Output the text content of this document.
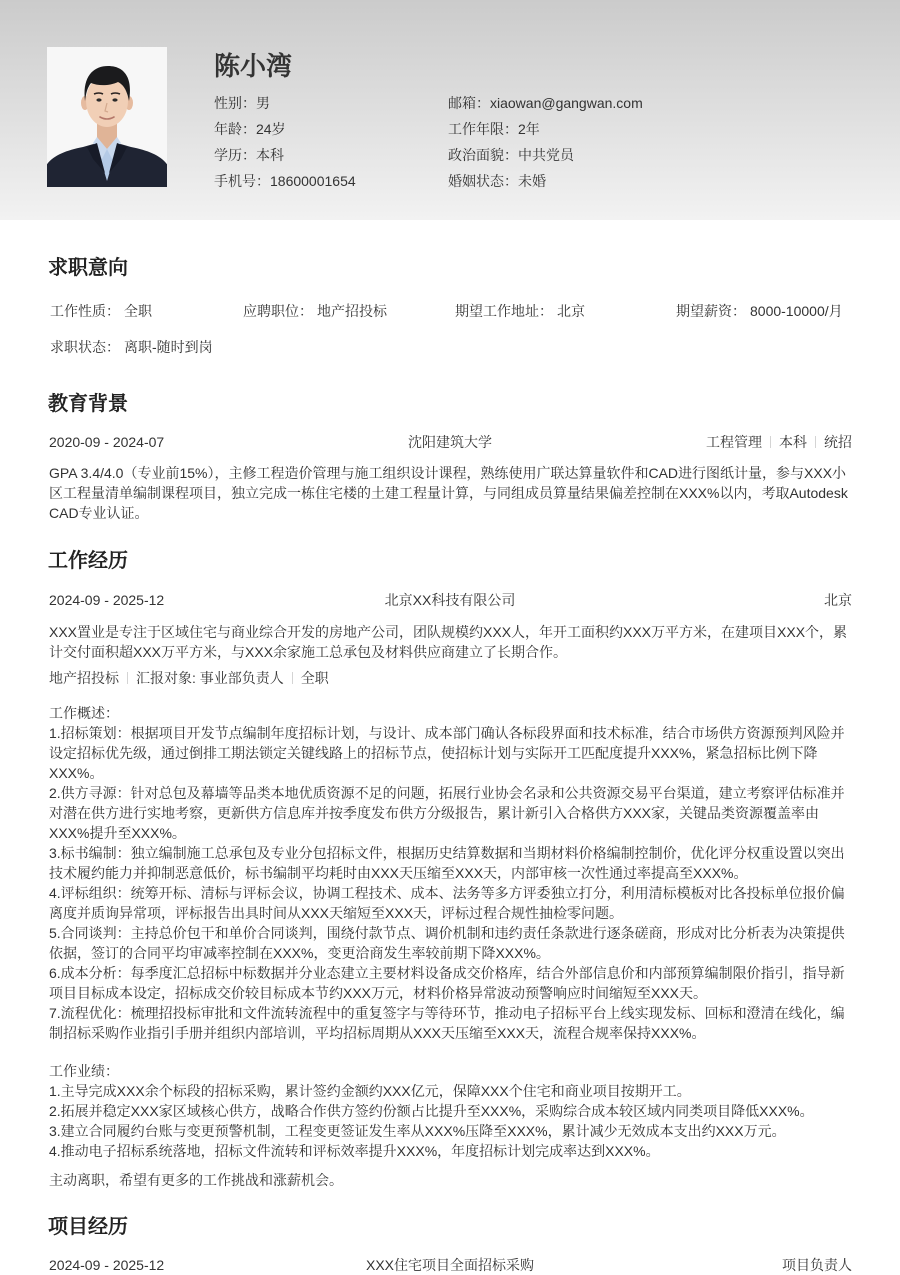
陈小湾
性别：男	邮箱：xiaowan@gangwan.com
年龄：24岁	工作年限：2年
学历：本科	政治面貌：中共党员
手机号：18600001654	婚姻状态：未婚
求职意向
工作性质： 全职	应聘职位： 地产招投标	期望工作地址： 北京	期望薪资： 8000-10000/月
求职状态： 离职-随时到岗
教育背景
2020-09 - 2024-07	沈阳建筑大学	工程管理 本科 统招
GPA 3.4/4.0（专业前15%），主修工程造价管理与施工组织设计课程，熟练使用广联达算量软件和CAD进行图纸计量，参与XXX小区工程量清单编制课程项目，独立完成一栋住宅楼的土建工程量计算，与同组成员算量结果偏差控制在XXX%以内，考取Autodesk CAD专业认证。
工作经历
2024-09 - 2025-12	北京XX科技有限公司	北京
XXX置业是专注于区域住宅与商业综合开发的房地产公司，团队规模约XXX人，年开工面积约XXX万平方米，在建项目XXX个，累计交付面积超XXX万平方米，与XXX余家施工总承包及材料供应商建立了长期合作。
地产招投标 汇报对象: 事业部负责人 全职
工作概述：
1.招标策划：根据项目开发节点编制年度招标计划，与设计、成本部门确认各标段界面和技术标准，结合市场供方资源预判风险并设定招标优先级，通过倒排工期法锁定关键线路上的招标节点，使招标计划与实际开工匹配度提升XXX%，紧急招标比例下降XXX%。
2.供方寻源：针对总包及幕墙等品类本地优质资源不足的问题，拓展行业协会名录和公共资源交易平台渠道，建立考察评估标准并对潜在供方进行实地考察，更新供方信息库并按季度发布供方分级报告，累计新引入合格供方XXX家，关键品类资源覆盖率由XXX%提升至XXX%。
3.标书编制：独立编制施工总承包及专业分包招标文件，根据历史结算数据和当期材料价格编制控制价，优化评分权重设置以突出技术履约能力并抑制恶意低价，标书编制平均耗时由XXX天压缩至XXX天，内部审核一次性通过率提高至XXX%。
4.评标组织：统筹开标、清标与评标会议，协调工程技术、成本、法务等多方评委独立打分，利用清标模板对比各投标单位报价偏离度并质询异常项，评标报告出具时间从XXX天缩短至XXX天，评标过程合规性抽检零问题。
5.合同谈判：主持总价包干和单价合同谈判，围绕付款节点、调价机制和违约责任条款进行逐条磋商，形成对比分析表为决策提供依据，签订的合同平均审减率控制在XXX%，变更洽商发生率较前期下降XXX%。
6.成本分析：每季度汇总招标中标数据并分业态建立主要材料设备成交价格库，结合外部信息价和内部预算编制限价指引，指导新项目目标成本设定，招标成交价较目标成本节约XXX万元，材料价格异常波动预警响应时间缩短至XXX天。
7.流程优化：梳理招投标审批和文件流转流程中的重复签字与等待环节，推动电子招标平台上线实现发标、回标和澄清在线化，编制招标采购作业指引手册并组织内部培训，平均招标周期从XXX天压缩至XXX天，流程合规率保持XXX%。
工作业绩：
1.主导完成XXX余个标段的招标采购，累计签约金额约XXX亿元，保障XXX个住宅和商业项目按期开工。
2.拓展并稳定XXX家区域核心供方，战略合作供方签约份额占比提升至XXX%，采购综合成本较区域内同类项目降低XXX%。
3.建立合同履约台账与变更预警机制，工程变更签证发生率从XXX%压降至XXX%，累计减少无效成本支出约XXX万元。
4.推动电子招标系统落地，招标文件流转和评标效率提升XXX%，年度招标计划完成率达到XXX%。
主动离职，希望有更多的工作挑战和涨薪机会。
项目经历
2024-09 - 2025-12	XXX住宅项目全面招标采购	项目负责人
